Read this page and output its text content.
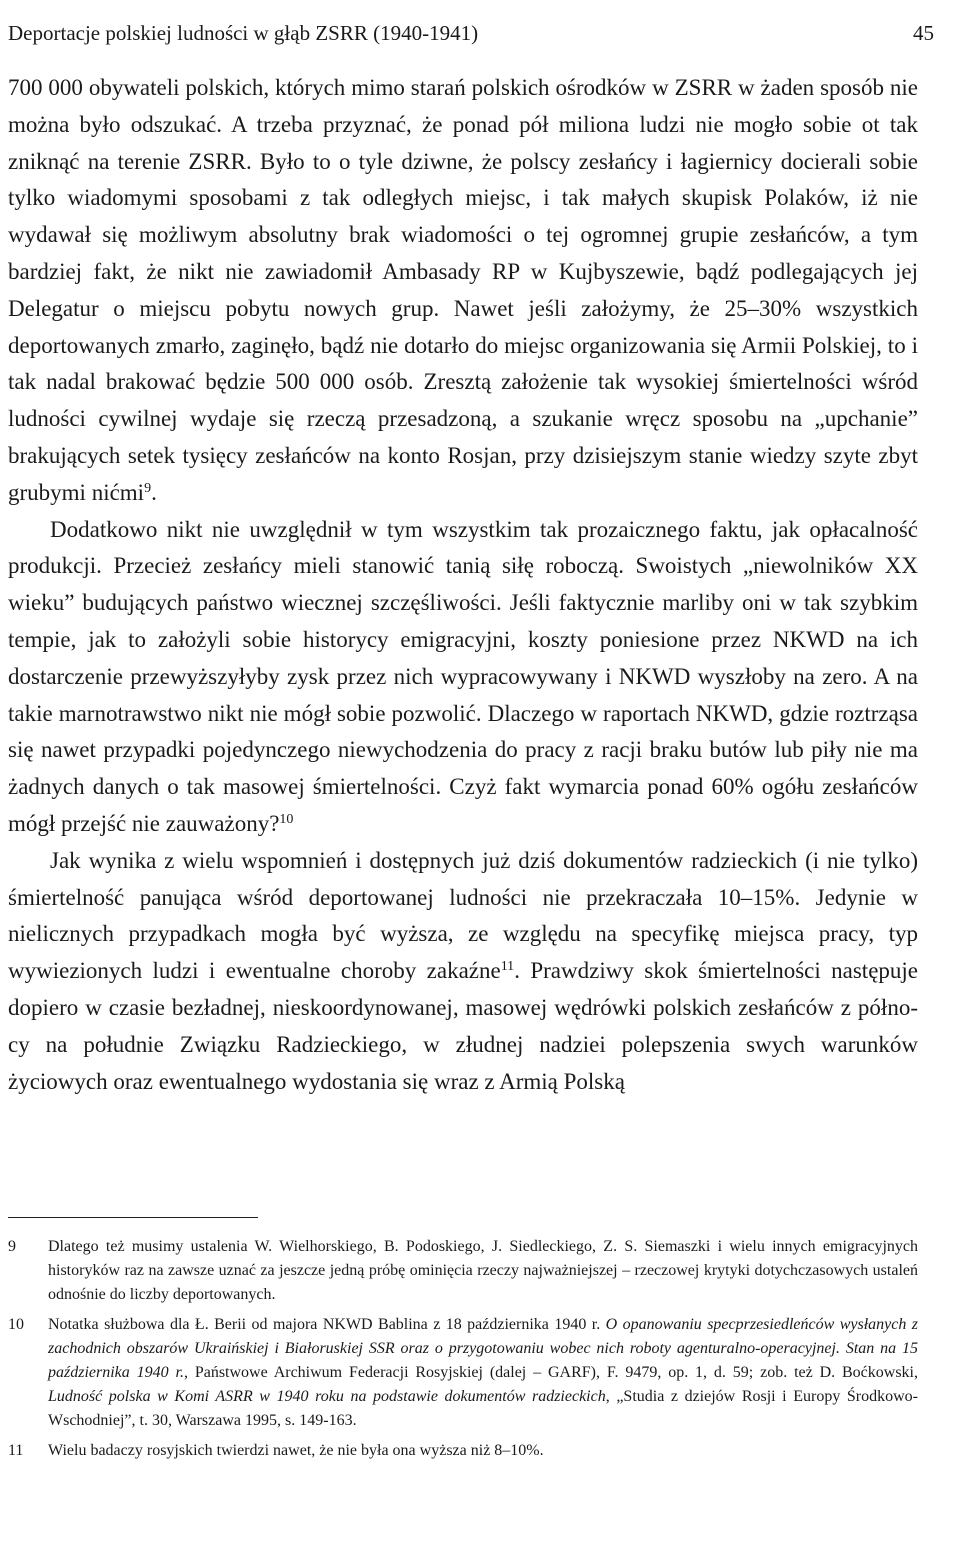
Deportacje polskiej ludności w głąb ZSRR (1940-1941)	45

700 000 obywateli polskich, których mimo starań polskich ośrodków w ZSRR w żaden sposób nie można było odszukać. A trzeba przyznać, że ponad pół miliona ludzi nie mogło sobie ot tak zniknąć na terenie ZSRR. Było to o tyle dziwne, że polscy zesłańcy i łagiernicy docierali sobie tylko wiadomymi sposobami z tak odległych miejsc, i tak małych skupisk Polaków, iż nie wydawał się możliwym absolutny brak wiadomości o tej ogromnej grupie zesłańców, a tym bardziej fakt, że nikt nie zawiadomił Ambasady RP w Kujbyszewie, bądź podlegających jej Delegatur o miejscu pobytu nowych grup. Nawet jeśli założymy, że 25–30% wszystkich deportowanych zmarło, zaginęło, bądź nie dotarło do miejsc organizowania się Armii Polskiej, to i tak nadal brakować będzie 500 000 osób. Zresztą założenie tak wysokiej śmiertelności wśród ludności cywilnej wydaje się rzeczą przesadzoną, a szukanie wręcz sposobu na „upchanie” brakujących setek tysięcy zesłańców na konto Rosjan, przy dzisiejszym stanie wiedzy szyte zbyt grubymi nićmi$^9$.

Dodatkowo nikt nie uwzględnił w tym wszystkim tak prozaicznego faktu, jak opłacalność produkcji. Przecież zesłańcy mieli stanowić tanią siłę roboczą. Swoistych „niewolników XX wieku” budujących państwo wiecznej szczęśliwości. Jeśli faktycznie marliby oni w tak szybkim tempie, jak to założyli sobie historycy emigracyjni, koszty poniesione przez NKWD na ich dostarczenie przewyższyłyby zysk przez nich wypracowywany i NKWD wyszłoby na zero. A na takie marnotrawstwo nikt nie mógł sobie pozwolić. Dlaczego w raportach NKWD, gdzie roztrząsa się nawet przypadki pojedynczego niewychodzenia do pracy z racji braku butów lub piły nie ma żadnych danych o tak masowej śmiertelności. Czyż fakt wymarcia ponad 60% ogółu zesłańców mógł przejść nie zauważony?$^{10}$

Jak wynika z wielu wspomnień i dostępnych już dziś dokumentów radzieckich (i nie tylko) śmiertelność panująca wśród deportowanej ludności nie przekraczała 10–15%. Jedynie w nielicznych przypadkach mogła być wyższa, ze względu na specyfikę miejsca pracy, typ wywiezionych ludzi i ewentualne choroby zakaźne$^{11}$. Prawdziwy skok śmiertelności następuje dopiero w czasie bezładnej, nieskoordynowanej, masowej wędrówki polskich zesłańców z północy na południe Związku Radzieckiego, w złudnej nadziei polepszenia swych warunków życiowych oraz ewentualnego wydostania się wraz z Armią Polską

9	Dlatego też musimy ustalenia W. Wielhorskiego, B. Podoskiego, J. Siedleckiego, Z. S. Siemaszki i wielu innych emigracyjnych historyków raz na zawsze uznać za jeszcze jedną próbę ominięcia rzeczy najważniejszej – rzeczowej krytyki dotychczasowych ustaleń odnośnie do liczby deportowanych.
10	Notatka służbowa dla Ł. Berii od majora NKWD Bablina z 18 października 1940 r. O opanowaniu specprzesiedleńców wysłanych z zachodnich obszarów Ukraińskiej i Białoruskiej SSR oraz o przygotowaniu wobec nich roboty agenturalno-operacyjnej. Stan na 15 października 1940 r., Państwowe Archiwum Federacji Rosyjskiej (dalej – GARF), F. 9479, op. 1, d. 59; zob. też D. Boćkowski, Ludność polska w Komi ASRR w 1940 roku na podstawie dokumentów radzieckich, „Studia z dziejów Rosji i Europy Środkowo-Wschodniej”, t. 30, Warszawa 1995, s. 149-163.
11	Wielu badaczy rosyjskich twierdzi nawet, że nie była ona wyższa niż 8–10%.
